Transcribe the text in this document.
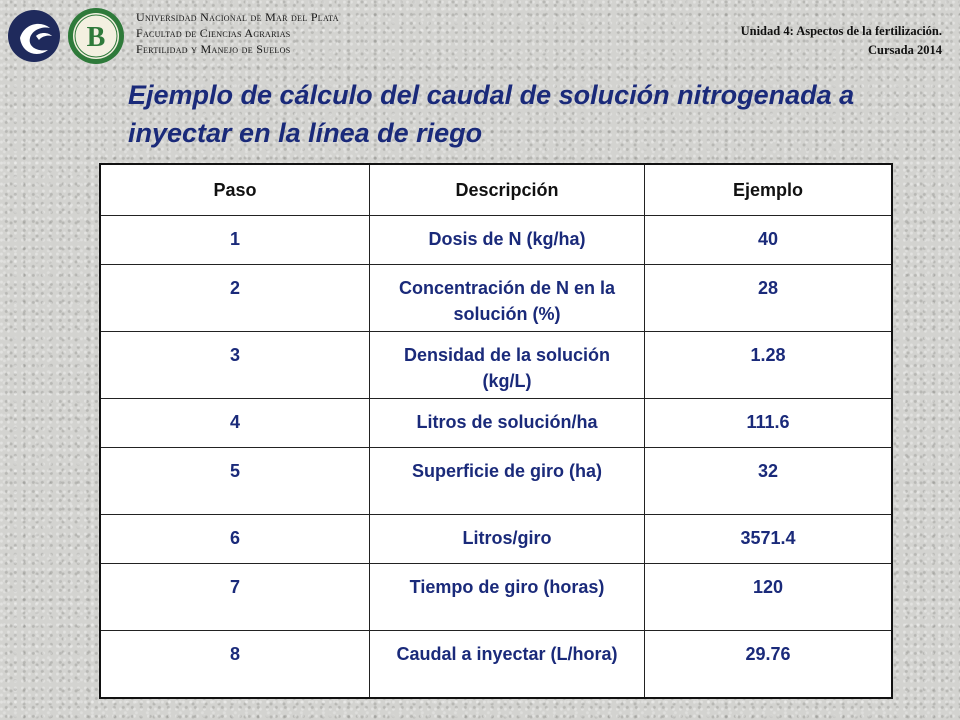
B
Universidad Nacional de Mar del Plata
Facultad de Ciencias Agrarias
Fertilidad y Manejo de Suelos
Unidad 4: Aspectos de la fertilización.
Cursada 2014
Ejemplo de cálculo del caudal de solución nitrogenada a inyectar en la línea de riego
Paso	Descripción	Ejemplo
1	Dosis de N (kg/ha)	40
2	Concentración de N en la solución (%)	28
3	Densidad de la solución (kg/L)	1.28
4	Litros de solución/ha	111.6
5	Superficie de giro (ha)	32
6	Litros/giro	3571.4
7	Tiempo de giro (horas)	120
8	Caudal a inyectar (L/hora)	29.76
